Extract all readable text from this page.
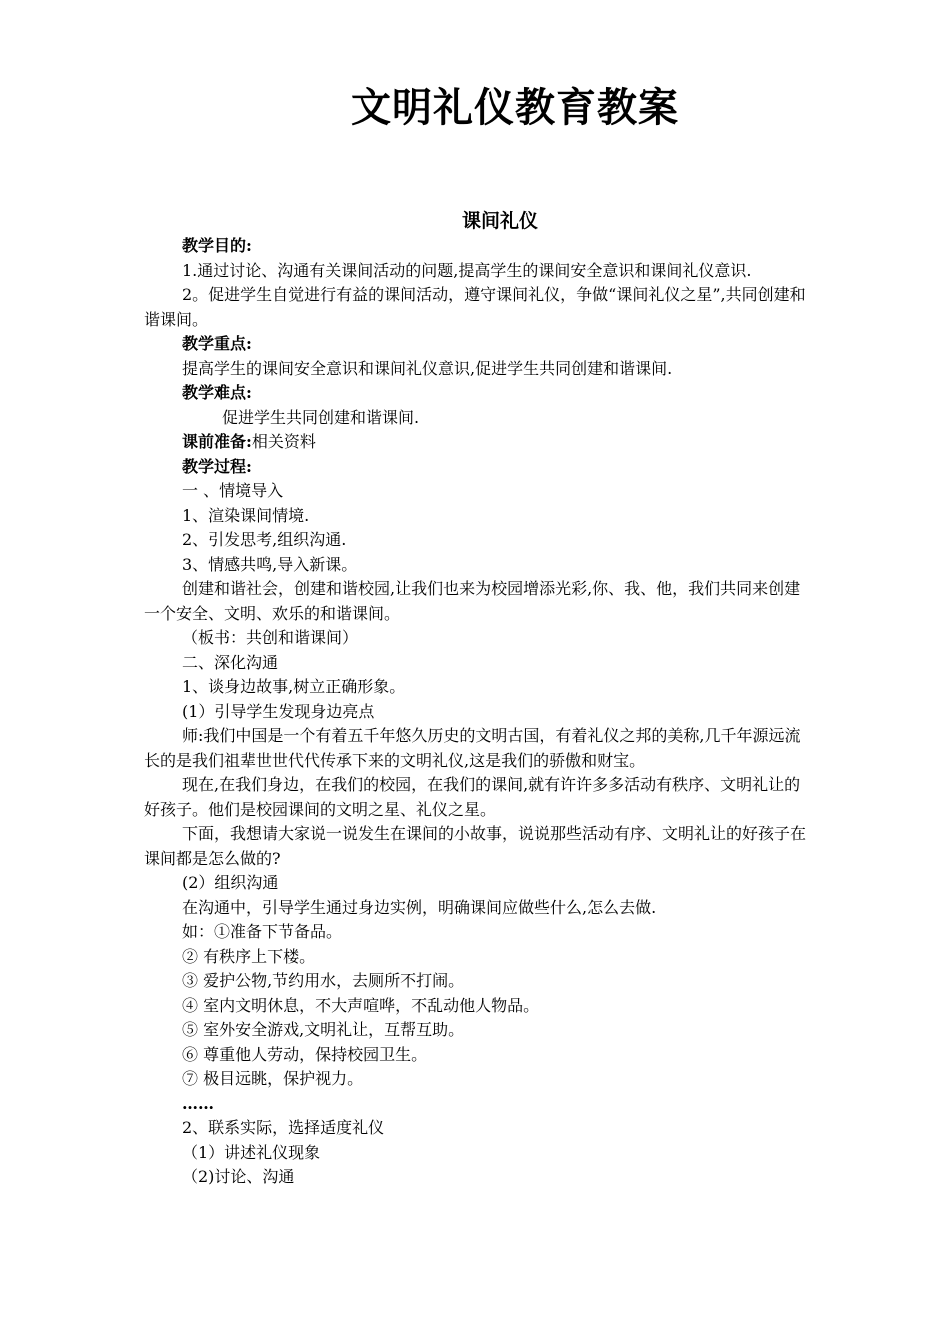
文明礼仪教育教案
课间礼仪

教学目的:

1.通过讨论、沟通有关课间活动的问题,提高学生的课间安全意识和课间礼仪意识.

2。促进学生自觉进行有益的课间活动，遵守课间礼仪，争做“课间礼仪之星”,共同创建和谐课间。

教学重点:

提高学生的课间安全意识和课间礼仪意识,促进学生共同创建和谐课间.

教学难点:

促进学生共同创建和谐课间.

课前准备:相关资料

教学过程:

一 、情境导入

1、渲染课间情境.

2、引发思考,组织沟通.

3、情感共鸣,导入新课。

创建和谐社会，创建和谐校园,让我们也来为校园增添光彩,你、我、他，我们共同来创建一个安全、文明、欢乐的和谐课间。

（板书：共创和谐课间）

二、深化沟通

1、谈身边故事,树立正确形象。

(1）引导学生发现身边亮点

师:我们中国是一个有着五千年悠久历史的文明古国，有着礼仪之邦的美称,几千年源远流长的是我们祖辈世世代代传承下来的文明礼仪,这是我们的骄傲和财宝。

现在,在我们身边，在我们的校园，在我们的课间,就有许许多多活动有秩序、文明礼让的好孩子。他们是校园课间的文明之星、礼仪之星。

下面，我想请大家说一说发生在课间的小故事，说说那些活动有序、文明礼让的好孩子在课间都是怎么做的?

(2）组织沟通

在沟通中，引导学生通过身边实例，明确课间应做些什么,怎么去做.

如：①准备下节备品。

② 有秩序上下楼。

③ 爱护公物,节约用水，去厕所不打闹。

④ 室内文明休息，不大声喧哗，不乱动他人物品。

⑤ 室外安全游戏,文明礼让，互帮互助。

⑥ 尊重他人劳动，保持校园卫生。

⑦ 极目远眺，保护视力。

……

2、联系实际，选择适度礼仪

（1）讲述礼仪现象

（2)讨论、沟通
